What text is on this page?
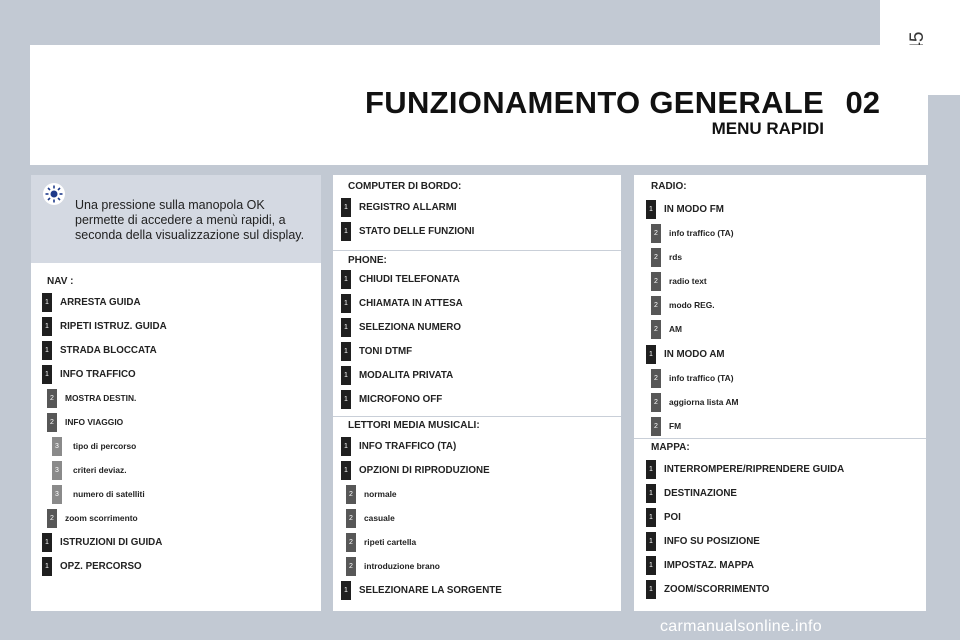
FUNZIONAMENTO GENERALE 02
MENU RAPIDI
Una pressione sulla manopola OK permette di accedere a menù rapidi, a seconda della visualizzazione sul display.
NAV :
1	ARRESTA GUIDA
1	RIPETI ISTRUZ. GUIDA
1	STRADA BLOCCATA
1	INFO TRAFFICO
2	MOSTRA DESTIN.
2	INFO VIAGGIO
3	tipo di percorso
3	criteri deviaz.
3	numero di satelliti
2	zoom scorrimento
1	ISTRUZIONI DI GUIDA
1	OPZ. PERCORSO
COMPUTER DI BORDO:
1	REGISTRO ALLARMI
1	STATO DELLE FUNZIONI
PHONE:
1	CHIUDI TELEFONATA
1	CHIAMATA IN ATTESA
1	SELEZIONA NUMERO
1	TONI DTMF
1	MODALITA PRIVATA
1	MICROFONO OFF
LETTORI MEDIA MUSICALI:
1	INFO TRAFFICO (TA)
1	OPZIONI DI RIPRODUZIONE
2	normale
2	casuale
2	ripeti cartella
2	introduzione brano
1	SELEZIONARE LA SORGENTE
RADIO:
1	IN MODO FM
2	info traffico (TA)
2	rds
2	radio text
2	modo REG.
2	AM
1	IN MODO AM
2	info traffico (TA)
2	aggiorna lista AM
2	FM
MAPPA:
1	INTERROMPERE/RIPRENDERE GUIDA
1	DESTINAZIONE
1	POI
1	INFO SU POSIZIONE
1	IMPOSTAZ. MAPPA
1	ZOOM/SCORRIMENTO
carmanualsonline.info
